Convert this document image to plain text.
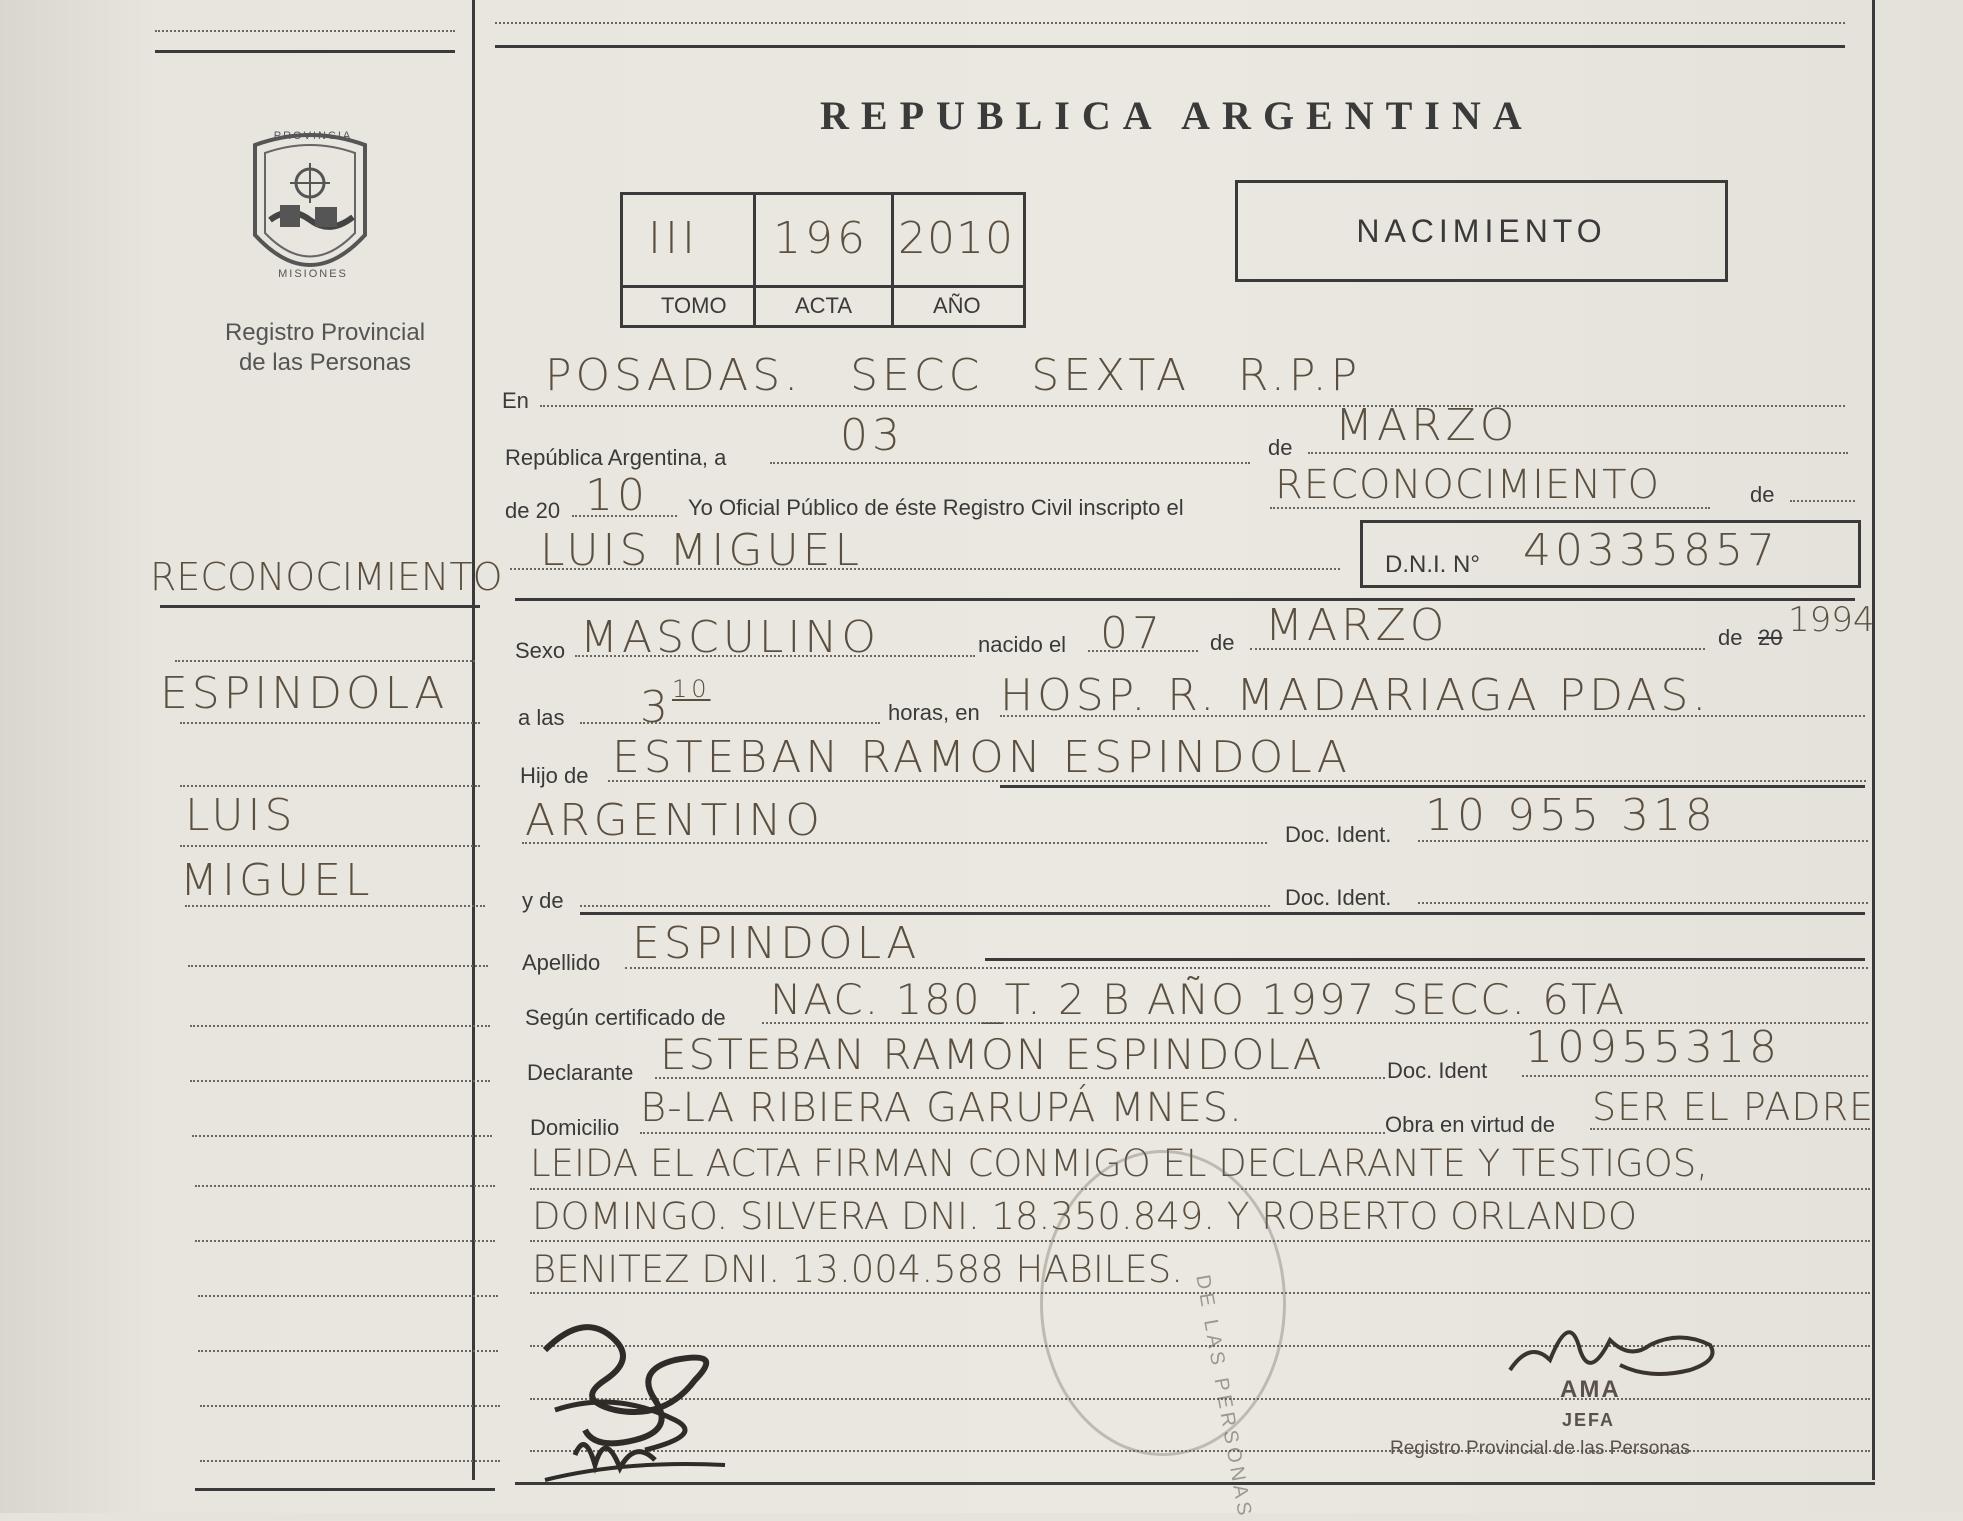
PROVINCIA
MISIONES
Registro Provincial
de las Personas
REPUBLICA ARGENTINA
III 196 2010
TOMO	ACTA	AÑO
NACIMIENTO
RECONOCIMIENTO
ESPINDOLA
LUIS
MIGUEL
En POSADAS. SECC SEXTA R.P.P
República Argentina, a	03	de MARZO
de 20 10 Yo Oficial Público de éste Registro Civil inscripto el RECONOCIMIENTO	de
LUIS MIGUEL	D.N.I. N° 40335857
Sexo MASCULINO	nacido el 07 de MARZO	de 20 1994
a las 3 10
horas, en HOSP. R. MADARIAGA PDAS.
Hijo de ESTEBAN RAMON ESPINDOLA
ARGENTINO	Doc. Ident. 10 955 318
y de	Doc. Ident.
Apellido ESPINDOLA
Según certificado de NAC. 180_T. 2 B AÑO 1997 SECC. 6TA
Declarante ESTEBAN RAMON ESPINDOLA	Doc. Ident 10955318
Domicilio B-LA RIBIERA GARUPÁ MNES.	Obra en virtud de SER EL PADRE
LEIDA EL ACTA FIRMAN CONMIGO EL DECLARANTE Y TESTIGOS,
DOMINGO. SILVERA DNI. 18.350.849. Y ROBERTO ORLANDO
BENITEZ DNI. 13.004.588 HABILES.
DE LAS PERSONAS	AMA
JEFA
Registro Provincial de las Personas
